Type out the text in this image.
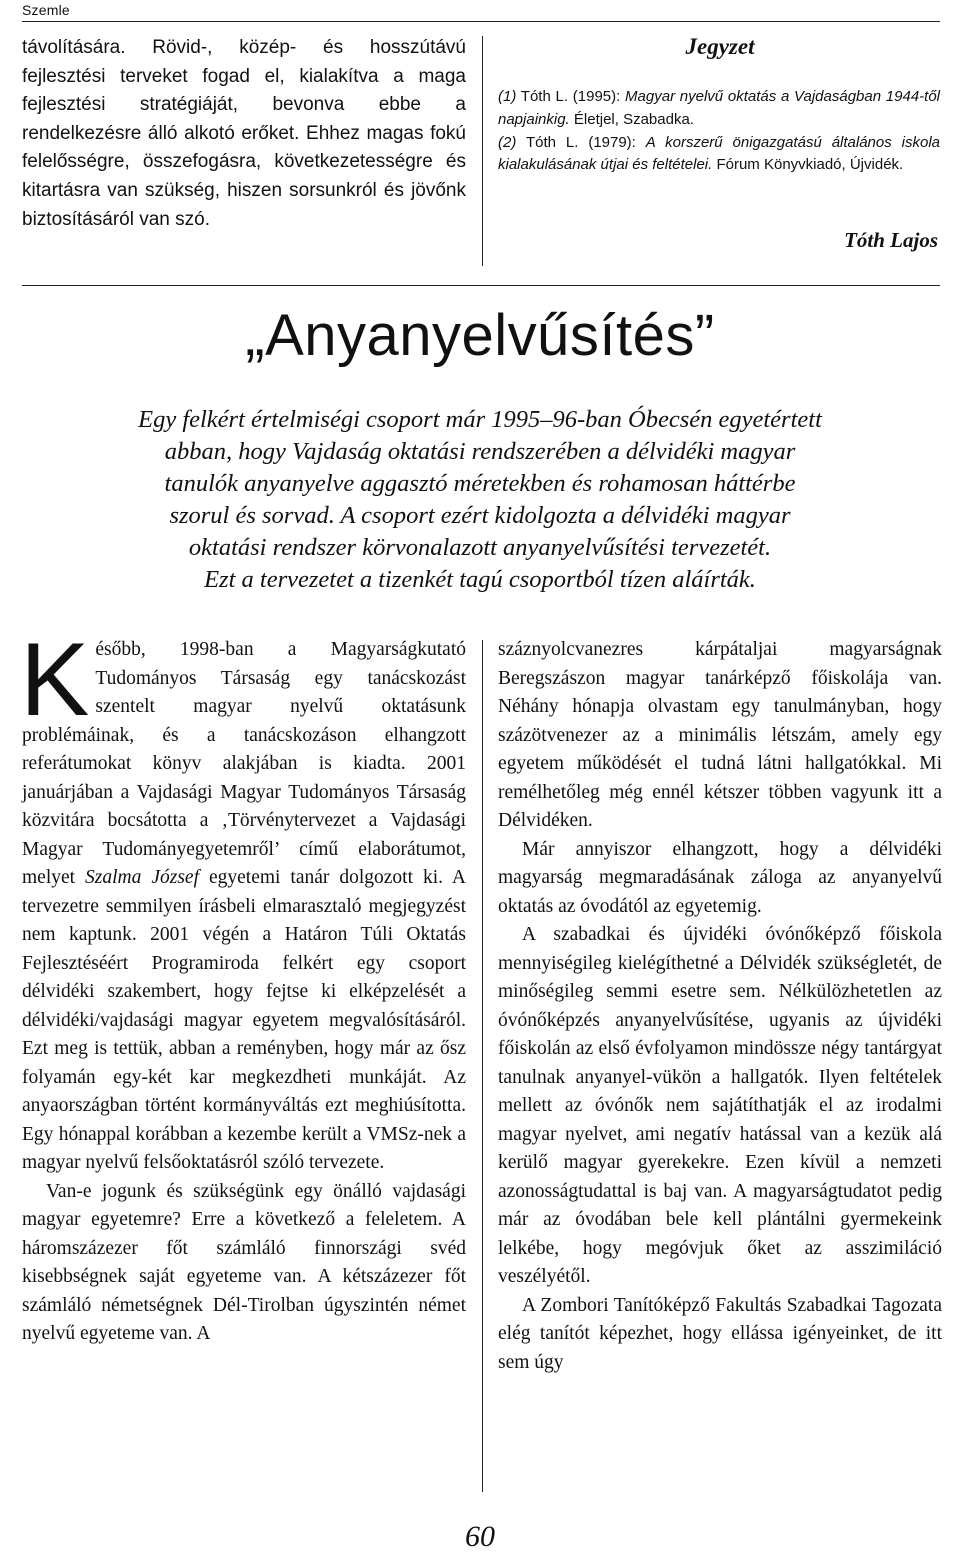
Szemle
távolítására. Rövid-, közép- és hosszútávú fejlesztési terveket fogad el, kialakítva a maga fejlesztési stratégiáját, bevonva ebbe a rendelkezésre álló alkotó erőket. Ehhez magas fokú felelősségre, összefogásra, következetességre és kitartásra van szükség, hiszen sorsunkról és jövőnk biztosításáról van szó.
Jegyzet

(1) Tóth L. (1995): Magyar nyelvű oktatás a Vajdaságban 1944-től napjainkig. Életjel, Szabadka.

(2) Tóth L. (1979): A korszerű önigazgatású általános iskola kialakulásának útjai és feltételei. Fórum Könyvkiadó, Újvidék.

Tóth Lajos
„Anyanyelvűsítés”

Egy felkért értelmiségi csoport már 1995–96-ban Óbecsén egyetértett

abban, hogy Vajdaság oktatási rendszerében a délvidéki magyar

tanulók anyanyelve aggasztó méretekben és rohamosan háttérbe

szorul és sorvad. A csoport ezért kidolgozta a délvidéki magyar

oktatási rendszer körvonalazott anyanyelvűsítési tervezetét.

Ezt a tervezetet a tizenkét tagú csoportból tízen aláírták.

Később, 1998-ban a Magyarságkutató Tudományos Társaság egy tanácskozást szentelt magyar nyelvű oktatásunk problémáinak, és a tanácskozáson elhangzott referátumokat könyv alakjában is kiadta. 2001 januárjában a Vajdasági Magyar Tudományos Társaság közvitára bocsátotta a ‚Törvénytervezet a Vajdasági Magyar Tudományegyetemről’ című elaborátumot, melyet Szalma József egyetemi tanár dolgozott ki. A tervezetre semmilyen írásbeli elmarasztaló megjegyzést nem kaptunk. 2001 végén a Határon Túli Oktatás Fejlesztéséért Programiroda felkért egy csoport délvidéki szakembert, hogy fejtse ki elképzelését a délvidéki/vajdasági magyar egyetem megvalósításáról. Ezt meg is tettük, abban a reményben, hogy már az ősz folyamán egy-két kar megkezdheti munkáját. Az anyaországban történt kormányváltás ezt meghiúsította. Egy hónappal korábban a kezembe került a VMSz-nek a magyar nyelvű felsőoktatásról szóló tervezete.

Van-e jogunk és szükségünk egy önálló vajdasági magyar egyetemre? Erre a következő a feleletem. A háromszázezer főt számláló finnországi svéd kisebbségnek saját egyeteme van. A kétszázezer főt számláló németségnek Dél-Tirolban úgyszintén német nyelvű egyeteme van. A

száznyolcvanezres kárpátaljai magyarságnak Beregszászon magyar tanárképző főiskolája van. Néhány hónapja olvastam egy tanulmányban, hogy százötvenezer az a minimális létszám, amely egy egyetem működését el tudná látni hallgatókkal. Mi remélhetőleg még ennél kétszer többen vagyunk itt a Délvidéken.

Már annyiszor elhangzott, hogy a délvidéki magyarság megmaradásának záloga az anyanyelvű oktatás az óvodától az egyetemig.

A szabadkai és újvidéki óvónőképző főiskola mennyiségileg kielégíthetné a Délvidék szükségletét, de minőségileg semmi esetre sem. Nélkülözhetetlen az óvónőképzés anyanyelvűsítése, ugyanis az újvidéki főiskolán az első évfolyamon mindössze négy tantárgyat tanulnak anyanyel-vükön a hallgatók. Ilyen feltételek mellett az óvónők nem sajátíthatják el az irodalmi magyar nyelvet, ami negatív hatással van a kezük alá kerülő magyar gyerekekre. Ezen kívül a nemzeti azonosságtudattal is baj van. A magyarságtudatot pedig már az óvodában bele kell plántálni gyermekeink lelkébe, hogy megóvjuk őket az asszimiláció veszélyétől.

A Zombori Tanítóképző Fakultás Szabadkai Tagozata elég tanítót képezhet, hogy ellássa igényeinket, de itt sem úgy

60
